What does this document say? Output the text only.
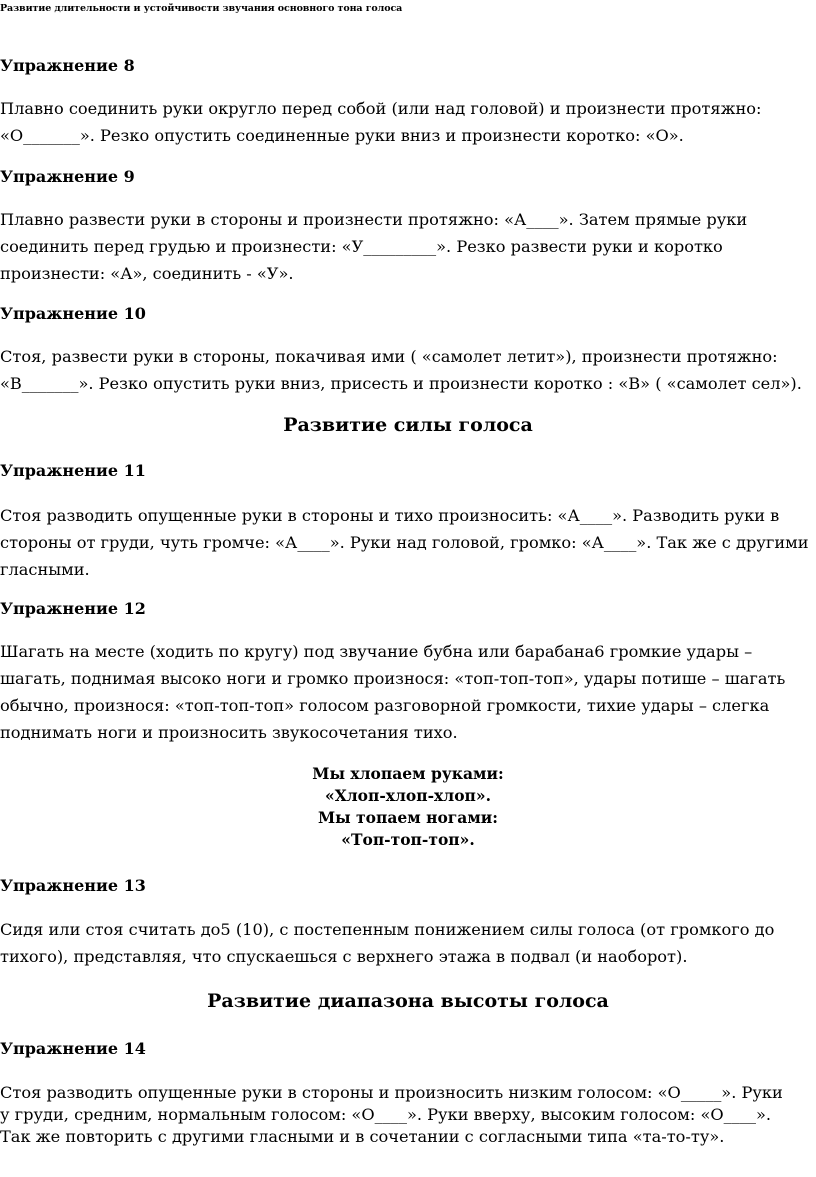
Развитие длительности и устойчивости звучания основного тона голоса
Упражнение 8
Плавно соединить руки округло перед собой (или над головой) и произнести протяжно:
«О_______». Резко опустить соединенные руки вниз и произнести коротко: «О».
Упражнение 9
Плавно развести руки в стороны и произнести протяжно: «А____». Затем прямые руки
соединить перед грудью и произнести: «У_________». Резко развести руки и коротко
произнести: «А», соединить - «У».
Упражнение 10
Стоя, развести руки в стороны, покачивая ими ( «самолет летит»), произнести протяжно:
«В_______». Резко опустить руки вниз, присесть и произнести коротко : «В» ( «самолет сел»).
Развитие силы голоса
Упражнение 11
Стоя разводить опущенные руки в стороны и тихо произносить: «А____». Разводить руки в
стороны от груди, чуть громче: «А____». Руки над головой, громко: «А____». Так же с другими
гласными.
Упражнение 12
Шагать на месте (ходить по кругу) под звучание бубна или барабана6 громкие удары –
шагать, поднимая высоко ноги и громко произнося: «топ-топ-топ», удары потише – шагать
обычно, произнося: «топ-топ-топ» голосом разговорной громкости, тихие удары – слегка
поднимать ноги и произносить звукосочетания тихо.
Мы хлопаем руками:
«Хлоп-хлоп-хлоп».
Мы топаем ногами:
«Топ-топ-топ».
Упражнение 13
Сидя или стоя считать до5 (10), с постепенным понижением силы голоса (от громкого до
тихого), представляя, что спускаешься с верхнего этажа в подвал (и наоборот).
Развитие диапазона высоты голоса
Упражнение 14
Стоя разводить опущенные руки в стороны и произносить низким голосом: «О_____». Руки
у груди, средним, нормальным голосом: «О____». Руки вверху, высоким голосом: «О____».
Так же повторить с другими гласными и в сочетании с согласными типа «та-то-ту».
